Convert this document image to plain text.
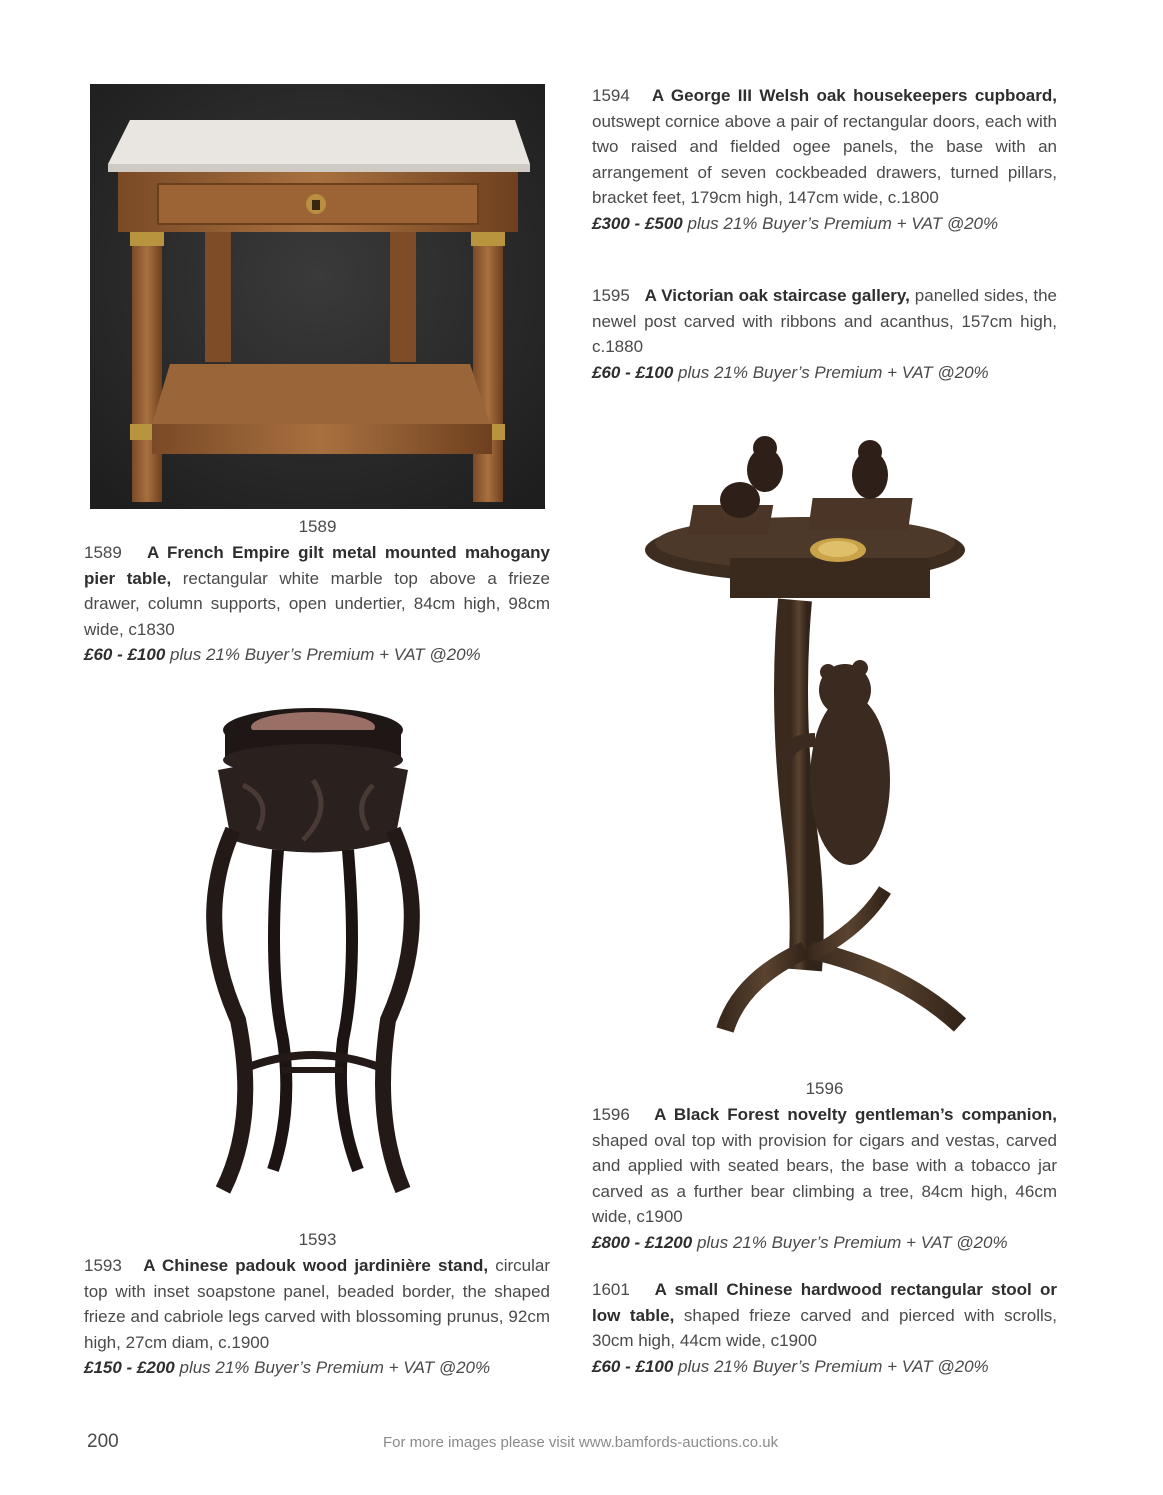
1589
1589 A French Empire gilt metal mounted mahogany pier table, rectangular white marble top above a frieze drawer, column supports, open undertier, 84cm high, 98cm wide, c1830
£60 - £100 plus 21% Buyer’s Premium + VAT @20%
1593
1593 A Chinese padouk wood jardinière stand, circular top with inset soapstone panel, beaded border, the shaped frieze and cabriole legs carved with blossoming prunus, 92cm high, 27cm diam, c.1900
£150 - £200 plus 21% Buyer’s Premium + VAT @20%
1594 A George III Welsh oak housekeepers cupboard, outswept cornice above a pair of rectangular doors, each with two raised and fielded ogee panels, the base with an arrangement of seven cockbeaded drawers, turned pillars, bracket feet, 179cm high, 147cm wide, c.1800
£300 - £500 plus 21% Buyer’s Premium + VAT @20%
1595 A Victorian oak staircase gallery, panelled sides, the newel post carved with ribbons and acanthus, 157cm high, c.1880
£60 - £100 plus 21% Buyer’s Premium + VAT @20%
1596
1596 A Black Forest novelty gentleman’s companion, shaped oval top with provision for cigars and vestas, carved and applied with seated bears, the base with a tobacco jar carved as a further bear climbing a tree, 84cm high, 46cm wide, c1900
£800 - £1200 plus 21% Buyer’s Premium + VAT @20%
1601 A small Chinese hardwood rectangular stool or low table, shaped frieze carved and pierced with scrolls, 30cm high, 44cm wide, c1900
£60 - £100 plus 21% Buyer’s Premium + VAT @20%
200	For more images please visit www.bamfords-auctions.co.uk
